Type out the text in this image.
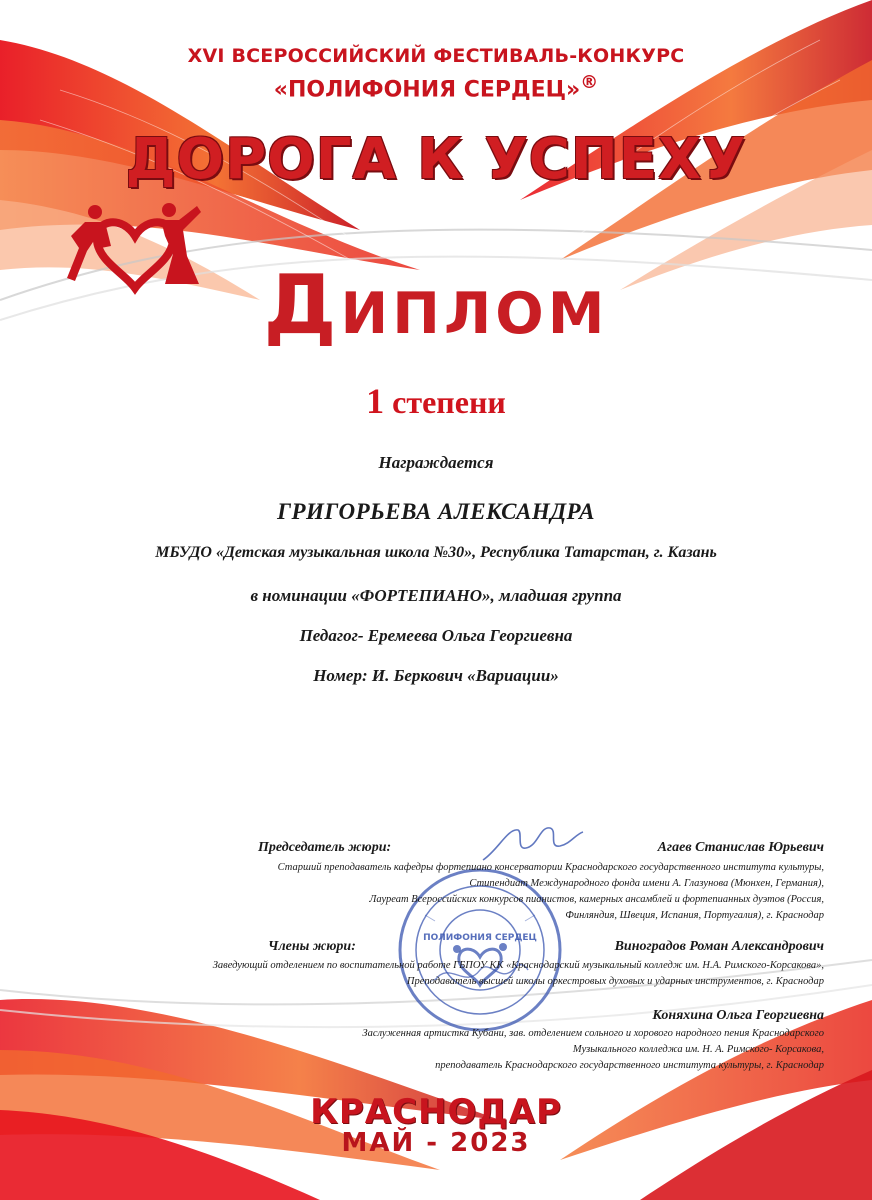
XVI ВСЕРОССИЙСКИЙ ФЕСТИВАЛЬ-КОНКУРС
«ПОЛИФОНИЯ СЕРДЕЦ»®
ДОРОГА К УСПЕХУ
Диплом
1 степени
Награждается
ГРИГОРЬЕВА АЛЕКСАНДРА
МБУДО «Детская музыкальная школа №30», Республика Татарстан, г. Казань
в номинации «ФОРТЕПИАНО», младшая группа
Педагог- Еремеева Ольга Георгиевна
Номер: И. Беркович «Вариации»
ПОЛИФОНИЯ СЕРДЕЦ
Председатель жюри:	Агаев Станислав Юрьевич
Старший преподаватель кафедры фортепиано консерватории Краснодарского государственного института культуры,
Стипендиат Международного фонда имени А. Глазунова (Мюнхен, Германия),
Лауреат Всероссийских конкурсов пианистов, камерных ансамблей и фортепианных дуэтов (Россия,
Финляндия, Швеция, Испания, Португалия), г. Краснодар
Члены жюри:	Виноградов Роман Александрович
Заведующий отделением по воспитательной работе ГБПОУ КК «Краснодарский музыкальный колледж им. Н.А. Римского-Корсакова»,
Преподаватель высшей школы оркестровых духовых и ударных инструментов, г. Краснодар
Коняхина Ольга Георгиевна
Заслуженная артистка Кубани, зав. отделением сольного и хорового народного пения Краснодарского
Музыкального колледжа им. Н. А. Римского- Корсакова,
преподаватель Краснодарского государственного института культуры, г. Краснодар
КРАСНОДАР
МАЙ - 2023
